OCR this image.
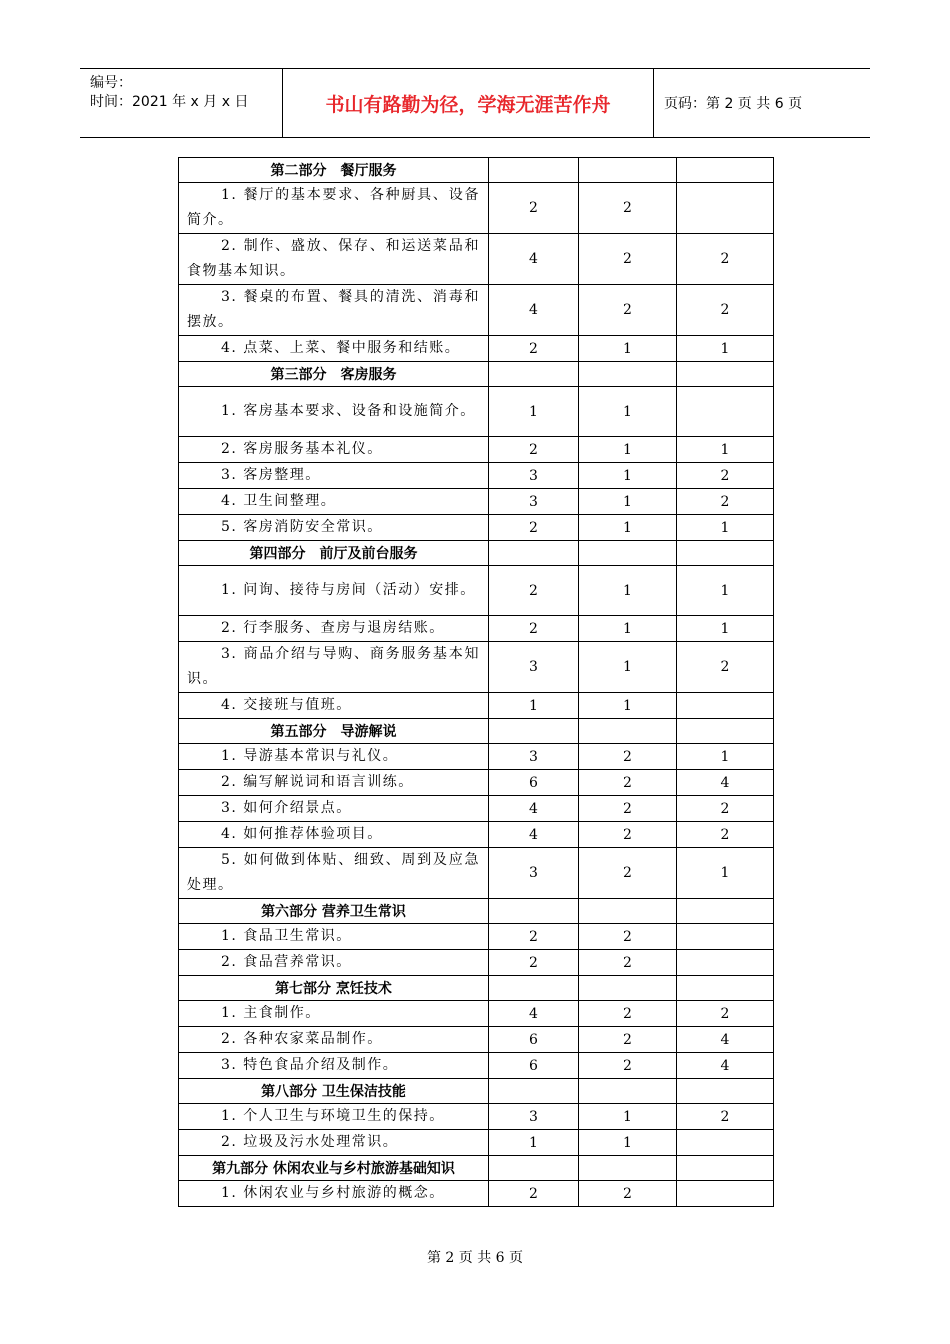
编号：
时间：2021 年 x 月 x 日	书山有路勤为径，学海无涯苦作舟	页码：第 2 页 共 6 页
第二部分　餐厅服务			
1. 餐厅的基本要求、各种厨具、设备简介。	2	2	
2. 制作、盛放、保存、和运送菜品和食物基本知识。	4	2	2
3. 餐桌的布置、餐具的清洗、消毒和摆放。	4	2	2
4. 点菜、上菜、餐中服务和结账。	2	1	1
第三部分　客房服务			
1. 客房基本要求、设备和设施简介。	1	1	
2. 客房服务基本礼仪。	2	1	1
3. 客房整理。	3	1	2
4. 卫生间整理。	3	1	2
5. 客房消防安全常识。	2	1	1
第四部分　前厅及前台服务			
1. 问询、接待与房间（活动）安排。	2	1	1
2. 行李服务、查房与退房结账。	2	1	1
3. 商品介绍与导购、商务服务基本知识。	3	1	2
4. 交接班与值班。	1	1	
第五部分　导游解说			
1. 导游基本常识与礼仪。	3	2	1
2. 编写解说词和语言训练。	6	2	4
3. 如何介绍景点。	4	2	2
4. 如何推荐体验项目。	4	2	2
5. 如何做到体贴、细致、周到及应急处理。	3	2	1
第六部分 营养卫生常识			
1. 食品卫生常识。	2	2	
2. 食品营养常识。	2	2	
第七部分 烹饪技术			
1. 主食制作。	4	2	2
2. 各种农家菜品制作。	6	2	4
3. 特色食品介绍及制作。	6	2	4
第八部分 卫生保洁技能			
1. 个人卫生与环境卫生的保持。	3	1	2
2. 垃圾及污水处理常识。	1	1	
第九部分 休闲农业与乡村旅游基础知识			
1. 休闲农业与乡村旅游的概念。	2	2	
第 2 页 共 6 页
